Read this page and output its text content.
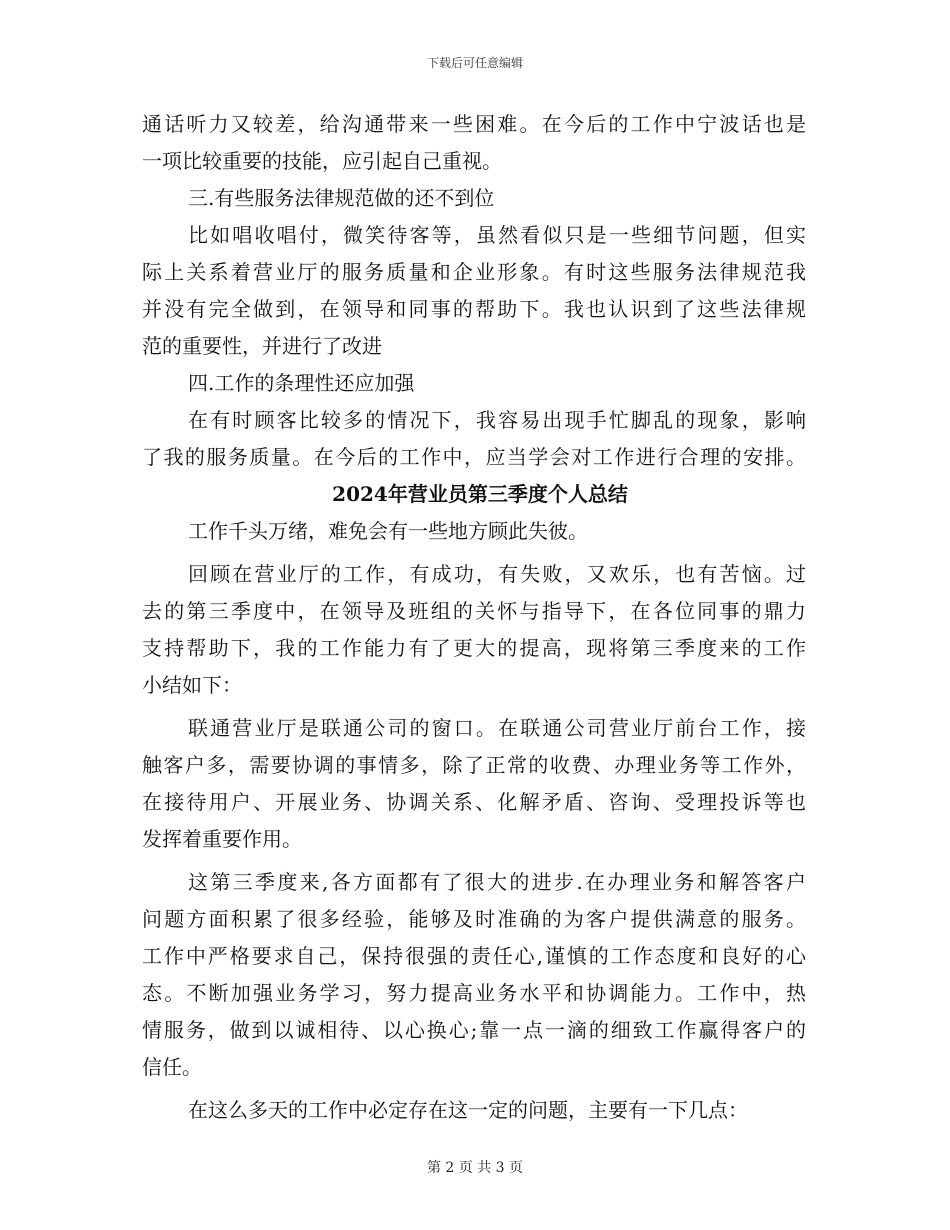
下载后可任意编辑
通话听力又较差，给沟通带来一些困难。在今后的工作中宁波话也是
一项比较重要的技能，应引起自己重视。
三.有些服务法律规范做的还不到位
比如唱收唱付，微笑待客等，虽然看似只是一些细节问题，但实
际上关系着营业厅的服务质量和企业形象。有时这些服务法律规范我
并没有完全做到，在领导和同事的帮助下。我也认识到了这些法律规
范的重要性，并进行了改进
四.工作的条理性还应加强
在有时顾客比较多的情况下，我容易出现手忙脚乱的现象，影响
了我的服务质量。在今后的工作中，应当学会对工作进行合理的安排。
2024年营业员第三季度个人总结
工作千头万绪，难免会有一些地方顾此失彼。
回顾在营业厅的工作，有成功，有失败，又欢乐，也有苦恼。过
去的第三季度中，在领导及班组的关怀与指导下，在各位同事的鼎力
支持帮助下，我的工作能力有了更大的提高，现将第三季度来的工作
小结如下：
联通营业厅是联通公司的窗口。在联通公司营业厅前台工作，接
触客户多，需要协调的事情多，除了正常的收费、办理业务等工作外，
在接待用户、开展业务、协调关系、化解矛盾、咨询、受理投诉等也
发挥着重要作用。
这第三季度来,各方面都有了很大的进步.在办理业务和解答客户
问题方面积累了很多经验，能够及时准确的为客户提供满意的服务。
工作中严格要求自己，保持很强的责任心,谨慎的工作态度和良好的心
态。不断加强业务学习，努力提高业务水平和协调能力。工作中，热
情服务，做到以诚相待、以心换心;靠一点一滴的细致工作赢得客户的
信任。
在这么多天的工作中必定存在这一定的问题，主要有一下几点：
第 2 页 共 3 页
